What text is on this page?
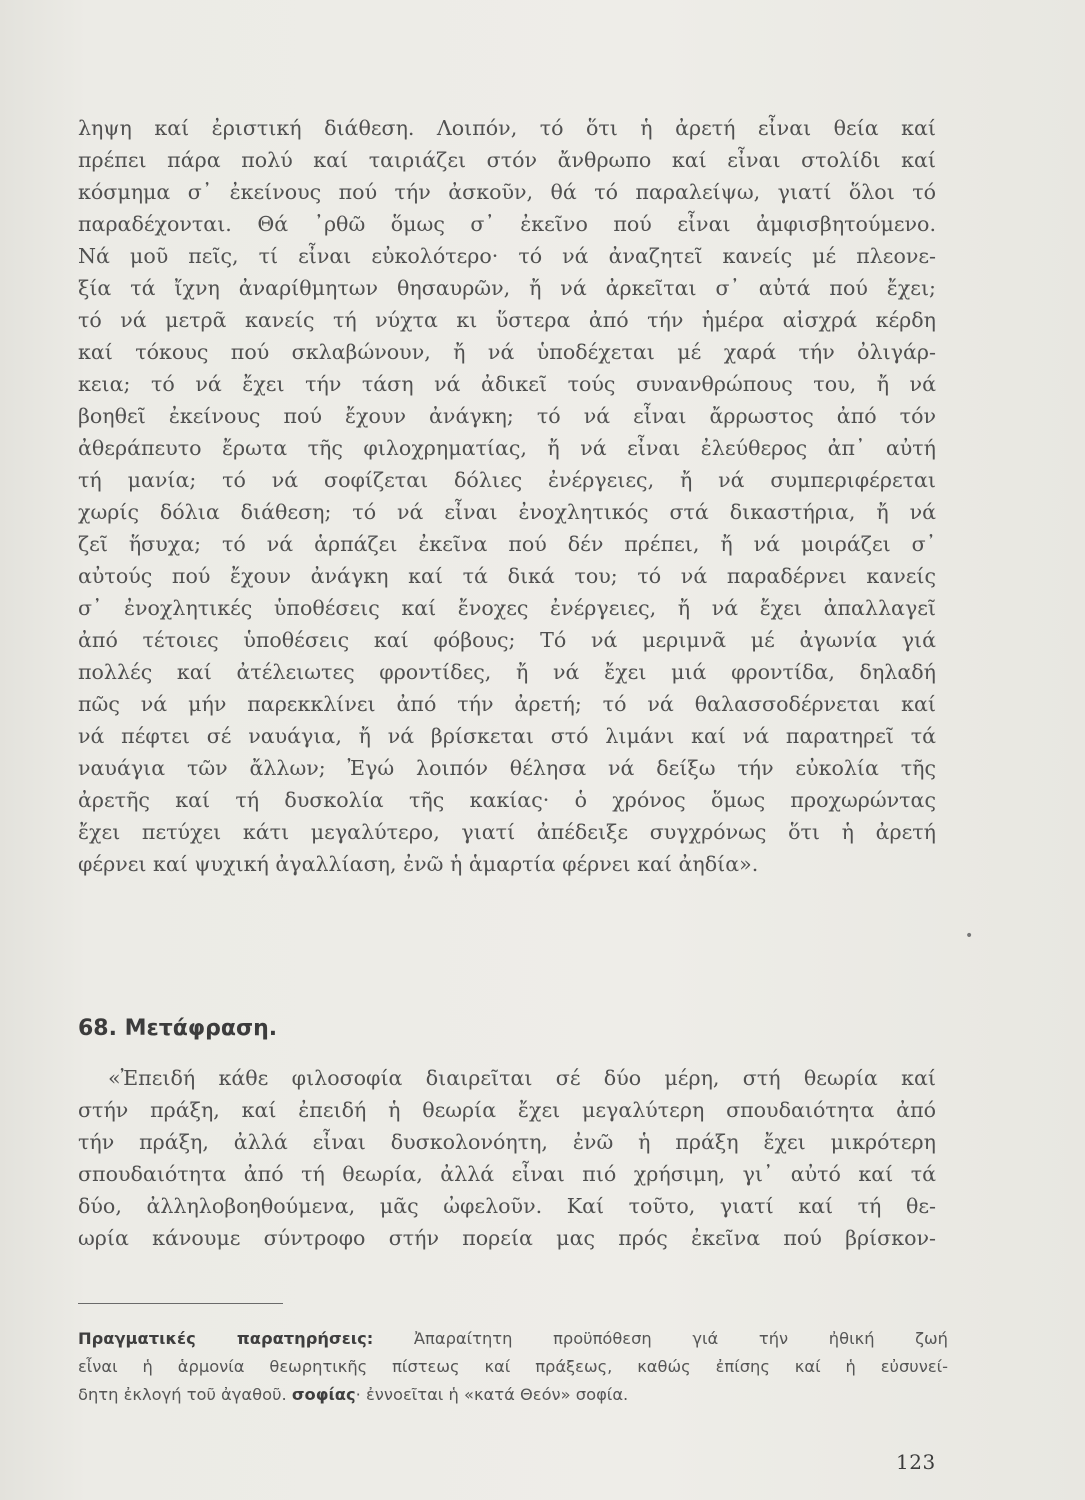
ληψη καί ἐριστική διάθεση. Λοιπόν, τό ὅτι ἡ ἀρετή εἶναι θεία καί
πρέπει πάρα πολύ καί ταιριάζει στόν ἄνθρωπο καί εἶναι στολίδι καί
κόσμημα σ᾽ ἐκείνους πού τήν ἀσκοῦν, θά τό παραλείψω, γιατί ὅλοι τό
παραδέχονται. Θά ᾽ρθῶ ὅμως σ᾽ ἐκεῖνο πού εἶναι ἀμφισβητούμενο.
Νά μοῦ πεῖς, τί εἶναι εὐκολότερο· τό νά ἀναζητεῖ κανείς μέ πλεονε-
ξία τά ἴχνη ἀναρίθμητων θησαυρῶν, ἤ νά ἀρκεῖται σ᾽ αὐτά πού ἔχει;
τό νά μετρᾶ κανείς τή νύχτα κι ὕστερα ἀπό τήν ἡμέρα αἰσχρά κέρδη
καί τόκους πού σκλαβώνουν, ἤ νά ὑποδέχεται μέ χαρά τήν ὀλιγάρ-
κεια; τό νά ἔχει τήν τάση νά ἀδικεῖ τούς συνανθρώπους του, ἤ νά
βοηθεῖ ἐκείνους πού ἔχουν ἀνάγκη; τό νά εἶναι ἄρρωστος ἀπό τόν
ἀθεράπευτο ἔρωτα τῆς φιλοχρηματίας, ἤ νά εἶναι ἐλεύθερος ἀπ᾽ αὐτή
τή μανία; τό νά σοφίζεται δόλιες ἐνέργειες, ἤ νά συμπεριφέρεται
χωρίς δόλια διάθεση; τό νά εἶναι ἐνοχλητικός στά δικαστήρια, ἤ νά
ζεῖ ἥσυχα; τό νά ἁρπάζει ἐκεῖνα πού δέν πρέπει, ἤ νά μοιράζει σ᾽
αὐτούς πού ἔχουν ἀνάγκη καί τά δικά του; τό νά παραδέρνει κανείς
σ᾽ ἐνοχλητικές ὑποθέσεις καί ἔνοχες ἐνέργειες, ἤ νά ἔχει ἀπαλλαγεῖ
ἀπό τέτοιες ὑποθέσεις καί φόβους; Τό νά μεριμνᾶ μέ ἀγωνία γιά
πολλές καί ἀτέλειωτες φροντίδες, ἤ νά ἔχει μιά φροντίδα, δηλαδή
πῶς νά μήν παρεκκλίνει ἀπό τήν ἀρετή; τό νά θαλασσοδέρνεται καί
νά πέφτει σέ ναυάγια, ἤ νά βρίσκεται στό λιμάνι καί νά παρατηρεῖ τά
ναυάγια τῶν ἄλλων; Ἐγώ λοιπόν θέλησα νά δείξω τήν εὐκολία τῆς
ἀρετῆς καί τή δυσκολία τῆς κακίας· ὁ χρόνος ὅμως προχωρώντας
ἔχει πετύχει κάτι μεγαλύτερο, γιατί ἀπέδειξε συγχρόνως ὅτι ἡ ἀρετή
φέρνει καί ψυχική ἀγαλλίαση, ἐνῶ ἡ ἁμαρτία φέρνει καί ἀηδία».
•
68. Μετάφραση.
«Ἐπειδή κάθε φιλοσοφία διαιρεῖται σέ δύο μέρη, στή θεωρία καί
στήν πράξη, καί ἐπειδή ἡ θεωρία ἔχει μεγαλύτερη σπουδαιότητα ἀπό
τήν πράξη, ἀλλά εἶναι δυσκολονόητη, ἐνῶ ἡ πράξη ἔχει μικρότερη
σπουδαιότητα ἀπό τή θεωρία, ἀλλά εἶναι πιό χρήσιμη, γι᾽ αὐτό καί τά
δύο, ἀλληλοβοηθούμενα, μᾶς ὠφελοῦν. Καί τοῦτο, γιατί καί τή θε-
ωρία κάνουμε σύντροφο στήν πορεία μας πρός ἐκεῖνα πού βρίσκον-
Πραγματικές παρατηρήσεις: Ἀπαραίτητη προϋπόθεση γιά τήν ἠθική ζωή
εἶναι ἡ ἁρμονία θεωρητικῆς πίστεως καί πράξεως, καθώς ἐπίσης καί ἡ εὐσυνεί-
δητη ἐκλογή τοῦ ἀγαθοῦ. σοφίας· ἐννοεῖται ἡ «κατά Θεόν» σοφία.
123
